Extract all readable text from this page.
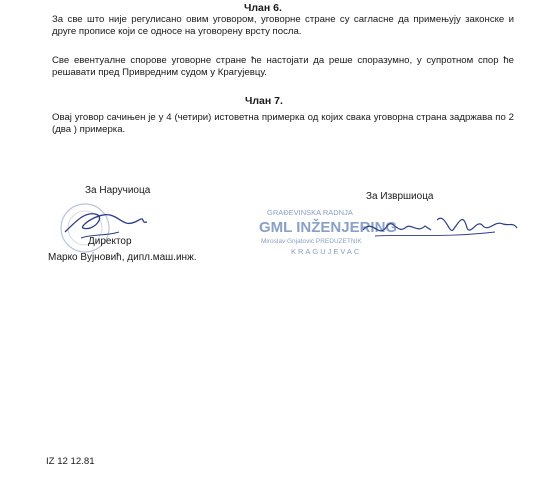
Члан 6.

За све што није регулисано овим уговором, уговорне стране су сагласне да примењују законске и друге прописе који се односе на уговорену врсту посла.

Све евентуалне спорове уговорне стране ће настојати да реше споразумно, у супротном спор ће решавати пред Привредним судом у Крагујевцу.

Члан 7.

Овај уговор сачињен је у 4 (четири) истоветна примерка од којих свака уговорна страна задржава по 2 (два ) примерка.

За Наручиоца
Директор
Марко Вујновић, дипл.маш.инж.
За Извршиоца
GRAĐEVINSKA RADNJA
GML INŽENJERING
Miroslav Gnjatović PREDUZETNIK
KRAGUJEVAC
IZ 12 12.81
